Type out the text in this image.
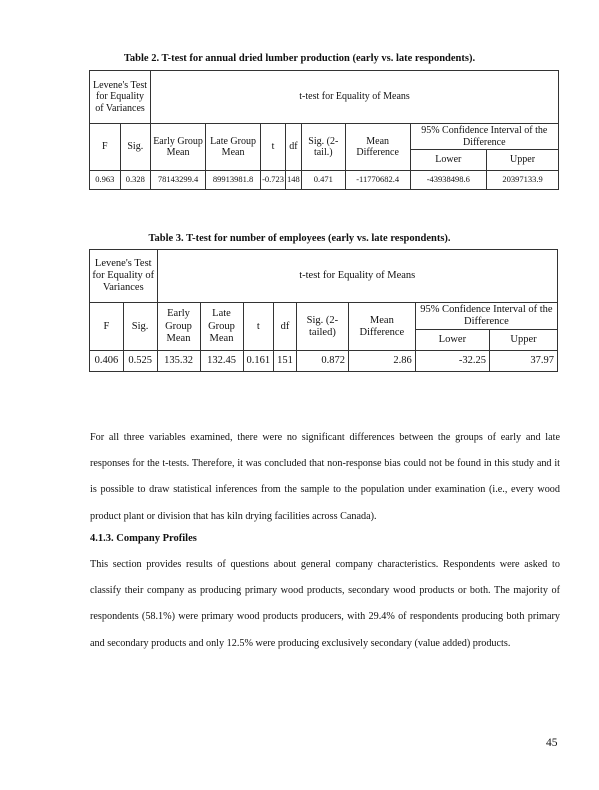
Table 2. T-test for annual dried lumber production (early vs. late respondents).
Levene's Test for Equality of Variances		t-test for Equality of Means							
F	Sig.	Early Group Mean	Late Group Mean	t	df	Sig. (2-tail.)	Mean Difference	95% Confidence Interval of the Difference	
								Lower	Upper
0.963	0.328	78143299.4	89913981.8	-0.723	148	0.471	-11770682.4	-43938498.6	20397133.9
Table 3. T-test for number of employees (early vs. late respondents).
Levene's Test for Equality of Variances		t-test for Equality of Means							
F	Sig.	Early Group Mean	Late Group Mean	t	df	Sig. (2-tailed)	Mean Difference	95% Confidence Interval of the Difference	
								Lower	Upper
0.406	0.525	135.32	132.45	0.161	151	0.872	2.86	-32.25	37.97
For all three variables examined, there were no significant differences between the groups of early and late responses for the t-tests. Therefore, it was concluded that non-response bias could not be found in this study and it is possible to draw statistical inferences from the sample to the population under examination (i.e., every wood product plant or division that has kiln drying facilities across Canada).
4.1.3. Company Profiles
This section provides results of questions about general company characteristics. Respondents were asked to classify their company as producing primary wood products, secondary wood products or both. The majority of respondents (58.1%) were primary wood products producers, with 29.4% of respondents producing both primary and secondary products and only 12.5% were producing exclusively secondary (value added) products.
45
